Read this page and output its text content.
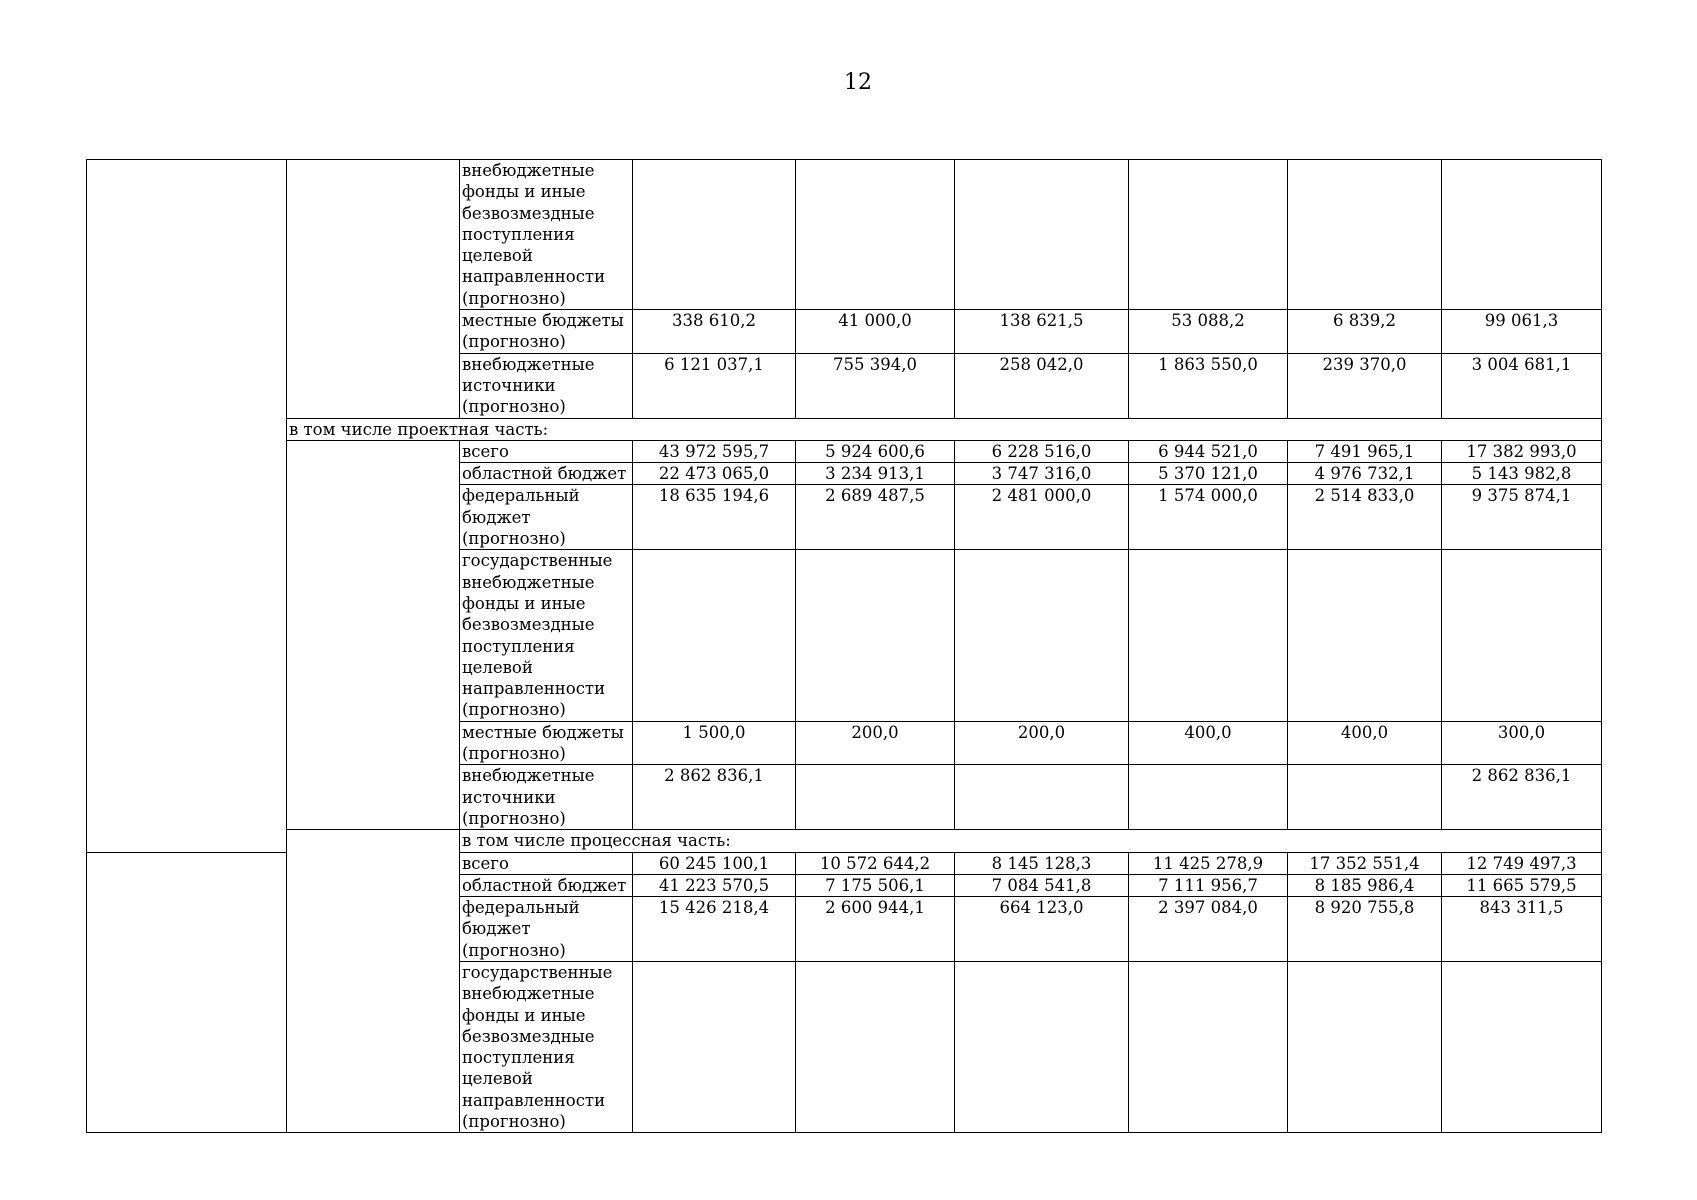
12

		внебюджетные фонды и иные безвозмездные поступления целевой направленности (прогнозно)						

		местные бюджеты (прогнозно)	338 610,2	41 000,0	138 621,5	53 088,2	6 839,2	99 061,3

		внебюджетные источники (прогнозно)	6 121 037,1	755 394,0	258 042,0	1 863 550,0	239 370,0	3 004 681,1
	в том числе проектная часть:							

		всего	43 972 595,7	5 924 600,6	6 228 516,0	6 944 521,0	7 491 965,1	17 382 993,0

		областной бюджет	22 473 065,0	3 234 913,1	3 747 316,0	5 370 121,0	4 976 732,1	5 143 982,8

		федеральный бюджет (прогнозно)	18 635 194,6	2 689 487,5	2 481 000,0	1 574 000,0	2 514 833,0	9 375 874,1

		государственные внебюджетные фонды и иные безвозмездные поступления целевой направленности (прогнозно)						

		местные бюджеты (прогнозно)	1 500,0	200,0	200,0	400,0	400,0	300,0

		внебюджетные источники (прогнозно)	2 862 836,1					2 862 836,1
		в том числе процессная часть:						

		всего	60 245 100,1	10 572 644,2	8 145 128,3	11 425 278,9	17 352 551,4	12 749 497,3

		областной бюджет	41 223 570,5	7 175 506,1	7 084 541,8	7 111 956,7	8 185 986,4	11 665 579,5

		федеральный бюджет (прогнозно)	15 426 218,4	2 600 944,1	664 123,0	2 397 084,0	8 920 755,8	843 311,5

		государственные внебюджетные фонды и иные безвозмездные поступления целевой направленности (прогнозно)						
